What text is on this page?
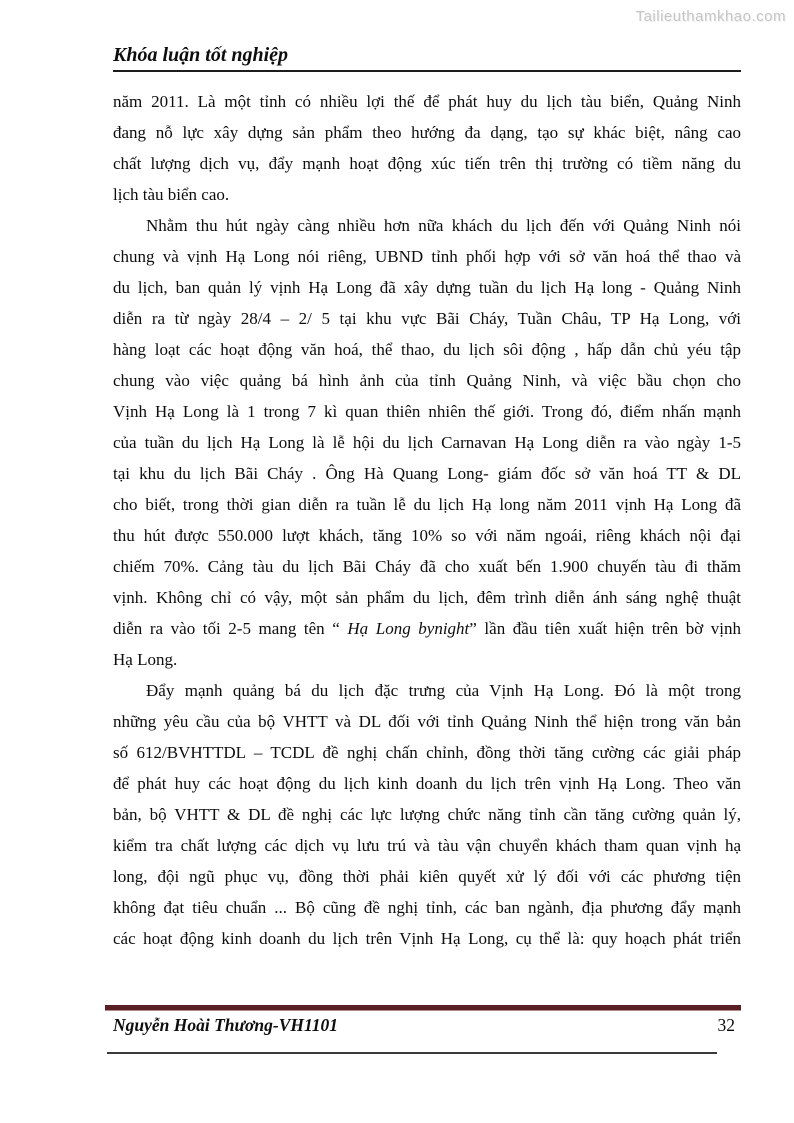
Tailieuthamkhao.com
Khóa luận tốt nghiệp
năm 2011. Là một tỉnh có nhiều lợi thế để phát huy du lịch tàu biển, Quảng Ninh
đang nỗ lực xây dựng sản phẩm theo hướng đa dạng, tạo sự khác biệt, nâng cao
chất lượng dịch vụ, đẩy mạnh hoạt động xúc tiến trên thị trường có tiềm năng du
lịch tàu biển cao.
Nhằm thu hút ngày càng nhiều hơn nữa khách du lịch đến với Quảng Ninh nói
chung và vịnh Hạ Long nói riêng, UBND tỉnh phối hợp với sở văn hoá thể thao và
du lịch, ban quản lý vịnh Hạ Long đã xây dựng tuần du lịch Hạ long - Quảng Ninh
diễn ra từ ngày 28/4 – 2/ 5 tại khu vực Bãi Cháy, Tuần Châu, TP Hạ Long, với
hàng loạt các hoạt động văn hoá, thể thao, du lịch sôi động , hấp dẫn chủ yéu tập
chung vào việc quảng bá hình ảnh của tỉnh Quảng Ninh, và việc bầu chọn cho
Vịnh Hạ Long là 1 trong 7 kì quan thiên nhiên thế giới. Trong đó, điểm nhấn mạnh
của tuần du lịch Hạ Long là lễ hội du lịch Carnavan Hạ Long diễn ra vào ngày 1-5
tại khu du lịch Bãi Cháy . Ông Hà Quang Long- giám đốc sở văn hoá TT & DL
cho biết, trong thời gian diễn ra tuần lễ du lịch Hạ long năm 2011 vịnh Hạ Long đã
thu hút được 550.000 lượt khách, tăng 10% so với năm ngoái, riêng khách nội đại
chiếm 70%. Cảng tàu du lịch Bãi Cháy đã cho xuất bến 1.900 chuyến tàu đi thăm
vịnh. Không chỉ có vậy, một sản phẩm du lịch, đêm trình diễn ánh sáng nghệ thuật
diễn ra vào tối 2-5 mang tên “ Hạ Long bynight” lần đầu tiên xuất hiện trên bờ vịnh
Hạ Long.
Đẩy mạnh quảng bá du lịch đặc trưng của Vịnh Hạ Long. Đó là một trong
những yêu cầu của bộ VHTT và DL đối với tỉnh Quảng Ninh thể hiện trong văn bản
số 612/BVHTTDL – TCDL đề nghị chấn chỉnh, đồng thời tăng cường các giải pháp
để phát huy các hoạt động du lịch kinh doanh du lịch trên vịnh Hạ Long. Theo văn
bản, bộ VHTT & DL đề nghị các lực lượng chức năng tỉnh cần tăng cường quản lý,
kiểm tra chất lượng các dịch vụ lưu trú và tàu vận chuyển khách tham quan vịnh hạ
long, đội ngũ phục vụ, đồng thời phải kiên quyết xử lý đối với các phương tiện
không đạt tiêu chuẩn ... Bộ cũng đề nghị tỉnh, các ban ngành, địa phương đẩy mạnh
các hoạt động kinh doanh du lịch trên Vịnh Hạ Long, cụ thể là: quy hoạch phát triển
Nguyễn Hoài Thương-VH1101	32
